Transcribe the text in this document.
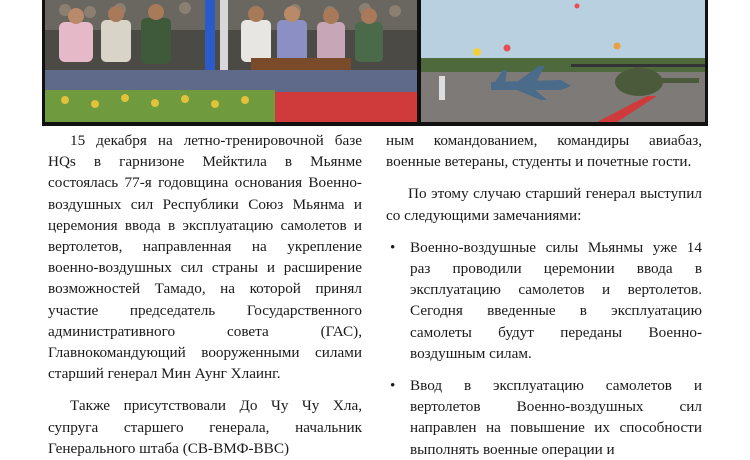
15 декабря на летно-тренировочной базе HQs в гарнизоне Мейктила в Мьянме состоялась 77-я годовщина основания Военно-воздушных сил Республики Союз Мьянма и церемония ввода в эксплуатацию самолетов и вертолетов, направленная на укрепление военно-воздушных сил страны и расширение возможностей Тамадо, на которой принял участие председатель Государственного административного совета (ГАС), Главнокомандующий вооруженными силами старший генерал Мин Аунг Хлаинг.

Также присутствовали До Чу Чу Хла, супруга старшего генерала, начальник Генерального штаба (СВ-ВМФ-ВВС)

ным командованием, командиры авиабаз, военные ветераны, студенты и почетные гости.

По этому случаю старший генерал выступил со следующими замечаниями:

• Военно-воздушные силы Мьянмы уже 14 раз проводили церемонии ввода в эксплуатацию самолетов и вертолетов. Сегодня введенные в эксплуатацию самолеты будут переданы Военно-воздушным силам.
• Ввод в эксплуатацию самолетов и вертолетов Военно-воздушных сил направлен на повышение их способности выполнять военные операции и
